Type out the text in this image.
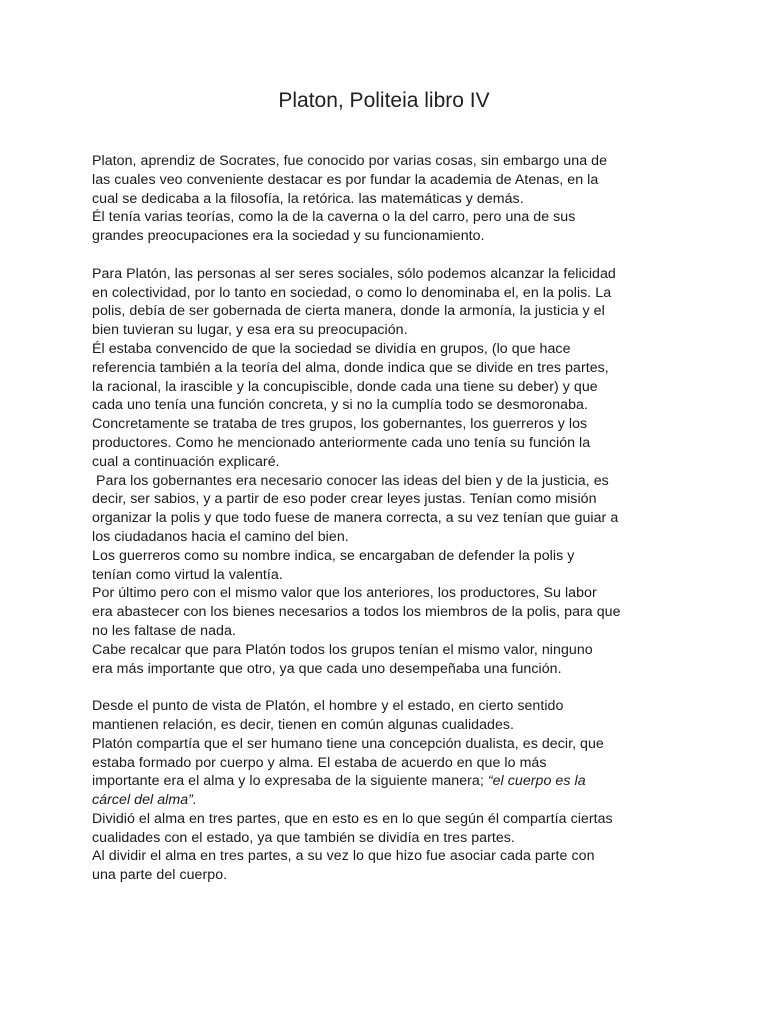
Platon, Politeia libro IV

Platon, aprendiz de Socrates, fue conocido por varias cosas, sin embargo una de
las cuales veo conveniente destacar es por fundar la academia de Atenas, en la
cual se dedicaba a la filosofía, la retórica. las matemáticas y demás.
Él tenía varias teorías, como la de la caverna o la del carro, pero una de sus
grandes preocupaciones era la sociedad y su funcionamiento.

Para Platón, las personas al ser seres sociales, sólo podemos alcanzar la felicidad
en colectividad, por lo tanto en sociedad, o como lo denominaba el, en la polis. La
polis, debía de ser gobernada de cierta manera, donde la armonía, la justicia y el
bien tuvieran su lugar, y esa era su preocupación.
Él estaba convencido de que la sociedad se dividía en grupos, (lo que hace
referencia también a la teoría del alma, donde indica que se divide en tres partes,
la racional, la irascible y la concupiscible, donde cada una tiene su deber) y que
cada uno tenía una función concreta, y si no la cumplía todo se desmoronaba.
Concretamente se trataba de tres grupos, los gobernantes, los guerreros y los
productores. Como he mencionado anteriormente cada uno tenía su función la
cual a continuación explicaré.
Para los gobernantes era necesario conocer las ideas del bien y de la justicia, es
decir, ser sabios, y a partir de eso poder crear leyes justas. Tenían como misión
organizar la polis y que todo fuese de manera correcta, a su vez tenían que guiar a
los ciudadanos hacia el camino del bien.
Los guerreros como su nombre indica, se encargaban de defender la polis y
tenían como virtud la valentía.
Por último pero con el mismo valor que los anteriores, los productores, Su labor
era abastecer con los bienes necesarios a todos los miembros de la polis, para que
no les faltase de nada.
Cabe recalcar que para Platón todos los grupos tenían el mismo valor, ninguno
era más importante que otro, ya que cada uno desempeñaba una función.

Desde el punto de vista de Platón, el hombre y el estado, en cierto sentido
mantienen relación, es decir, tienen en común algunas cualidades.
Platón compartía que el ser humano tiene una concepción dualista, es decir, que
estaba formado por cuerpo y alma. El estaba de acuerdo en que lo más
importante era el alma y lo expresaba de la siguiente manera; “el cuerpo es la
cárcel del alma”.
Dividió el alma en tres partes, que en esto es en lo que según él compartía ciertas
cualidades con el estado, ya que también se dividía en tres partes.
Al dividir el alma en tres partes, a su vez lo que hizo fue asociar cada parte con
una parte del cuerpo.
